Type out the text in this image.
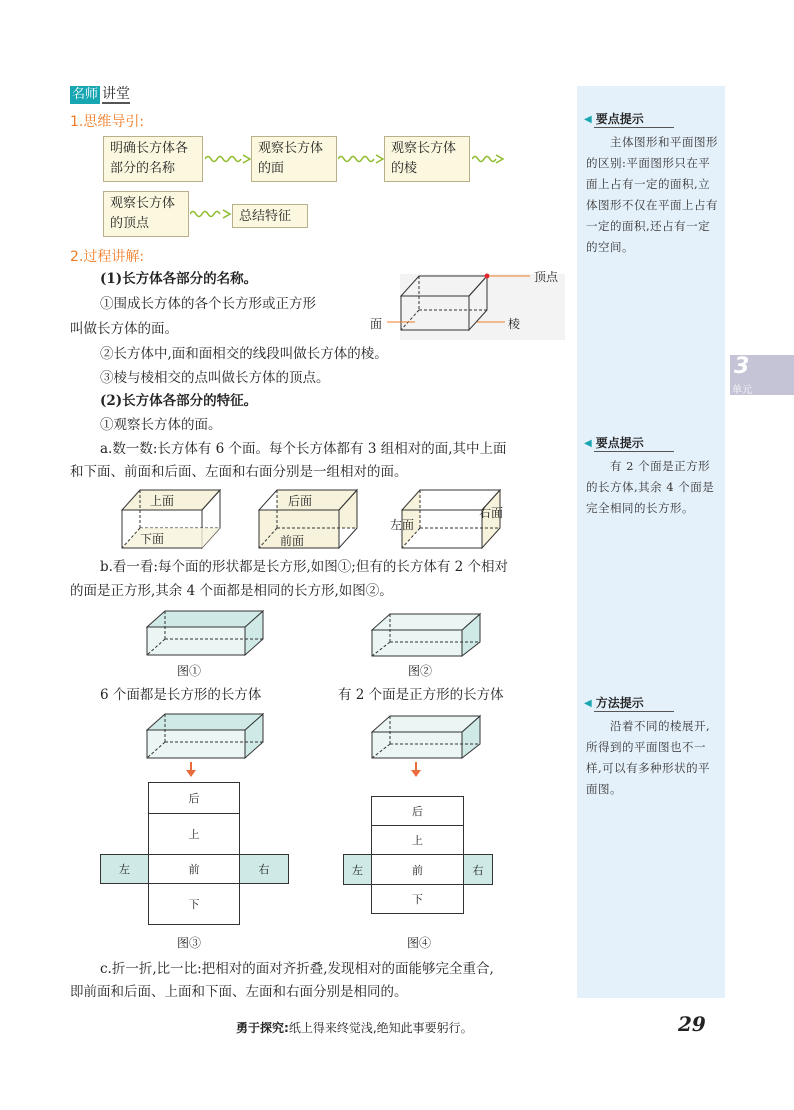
名师 讲堂
1.思维导引:
明确长方体各部分的名称
观察长方体的面
观察长方体的棱
观察长方体的顶点	总结特征
2.过程讲解:
(1)长方体各部分的名称。
①围成长方体的各个长方形或正方形
叫做长方体的面。
顶点
面	棱
②长方体中,面和面相交的线段叫做长方体的棱。
③棱与棱相交的点叫做长方体的顶点。
(2)长方体各部分的特征。
①观察长方体的面。
a.数一数:长方体有 6 个面。每个长方体都有 3 组相对的面,其中上面
和下面、前面和后面、左面和右面分别是一组相对的面。
上面
下面
后面
前面
左面
右面
b.看一看:每个面的形状都是长方形,如图①;但有的长方体有 2 个相对
的面是正方形,其余 4 个面都是相同的长方形,如图②。
图①	图②
6 个面都是长方形的长方体	有 2 个面是正方形的长方体
后
上
左	前	右
下
图③
后
上
左	前	右
下
图④
c.折一折,比一比:把相对的面对齐折叠,发现相对的面能够完全重合,
即前面和后面、上面和下面、左面和右面分别是相同的。
◀ 要点提示
主体图形和平面图形的区别:平面图形只在平面上占有一定的面积,立体图形不仅在平面上占有一定的面积,还占有一定的空间。
◀ 要点提示
有 2 个面是正方形的长方体,其余 4 个面是完全相同的长方形。
◀ 方法提示
沿着不同的棱展开,所得到的平面图也不一样,可以有多种形状的平面图。
3
单元
勇于探究:纸上得来终觉浅,绝知此事要躬行。	29
